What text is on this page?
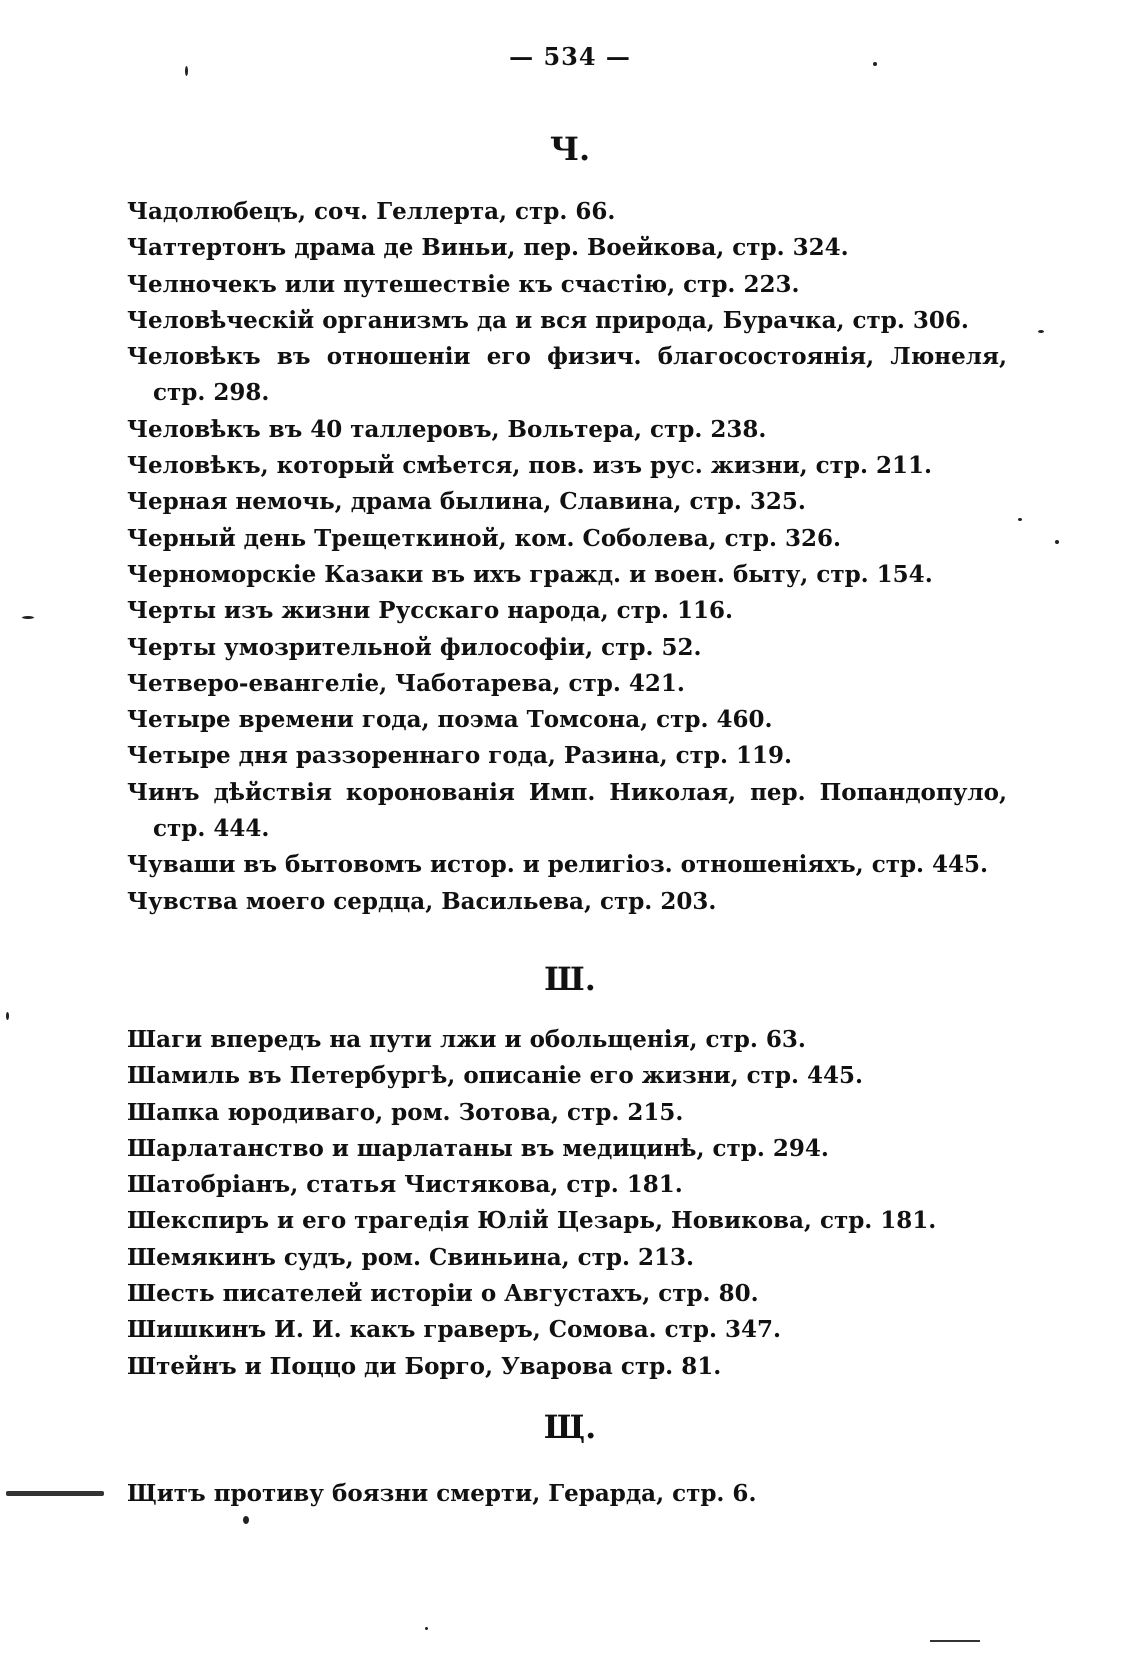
— 534 —
Ч.
Чадолюбецъ, соч. Геллерта, стр. 66.
Чаттертонъ драма де Виньи, пер. Воейкова, стр. 324.
Челночекъ или путешествіе къ счастію, стр. 223.
Человѣческій организмъ да и вся природа, Бурачка, стр. 306.
Человѣкъ въ отношеніи его физич. благосостоянія, Люнеля, стр. 298.
Человѣкъ въ 40 таллеровъ, Вольтера, стр. 238.
Человѣкъ, который смѣется, пов. изъ рус. жизни, стр. 211.
Черная немочь, драма былина, Славина, стр. 325.
Черный день Трещеткиной, ком. Соболева, стр. 326.
Черноморскіе Казаки въ ихъ гражд. и воен. быту, стр. 154.
Черты изъ жизни Русскаго народа, стр. 116.
Черты умозрительной философіи, стр. 52.
Четверо-евангеліе, Чаботарева, стр. 421.
Четыре времени года, поэма Томсона, стр. 460.
Четыре дня раззореннаго года, Разина, стр. 119.
Чинъ дѣйствія коронованія Имп. Николая, пер. Попандопуло, стр. 444.
Чуваши въ бытовомъ истор. и религіоз. отношеніяхъ, стр. 445.
Чувства моего сердца, Васильева, стр. 203.
Ш.
Шаги впередъ на пути лжи и обольщенія, стр. 63.
Шамиль въ Петербургѣ, описаніе его жизни, стр. 445.
Шапка юродиваго, ром. Зотова, стр. 215.
Шарлатанство и шарлатаны въ медицинѣ, стр. 294.
Шатобріанъ, статья Чистякова, стр. 181.
Шекспиръ и его трагедія Юлій Цезарь, Новикова, стр. 181.
Шемякинъ судъ, ром. Свиньина, стр. 213.
Шесть писателей исторіи о Августахъ, стр. 80.
Шишкинъ И. И. какъ граверъ, Сомова. стр. 347.
Штейнъ и Поццо ди Борго, Уварова стр. 81.
Щ.
Щитъ противу боязни смерти, Герарда, стр. 6.
